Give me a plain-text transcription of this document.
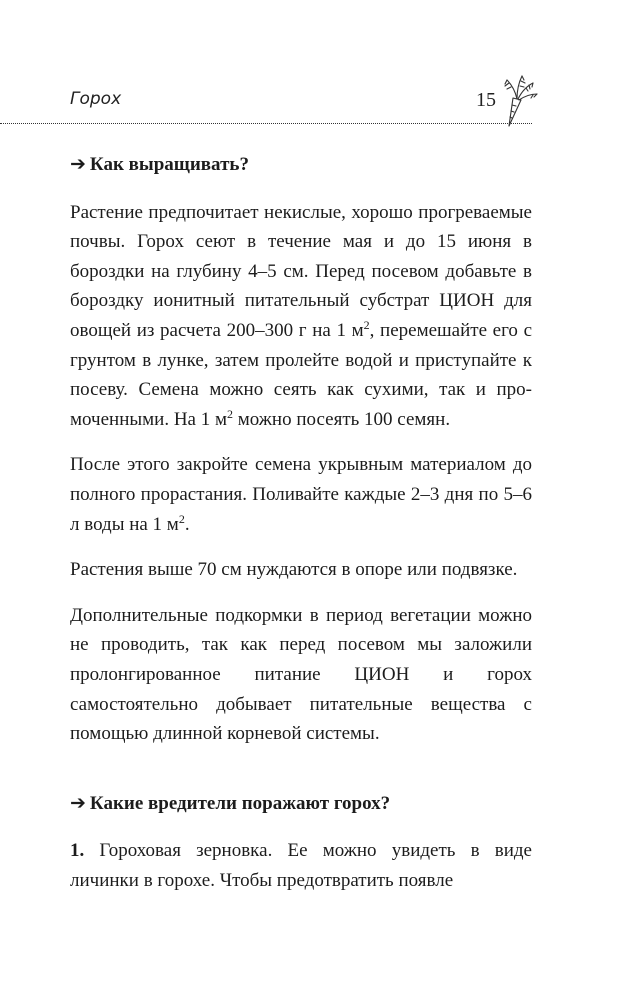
Горох	15
➔ Как выращивать?

Растение предпочитает некислые, хорошо прогреваемые почвы. Горох сеют в течение мая и до 15 июня в бороздки на глубину 4–5 см. Перед посевом добавьте в бороздку ионитный питательный субстрат ЦИОН для овощей из расчета 200–300 г на 1 $м^2$, перемешайте его с грунтом в лунке, затем пролейте водой и приступайте к посеву. Семена можно сеять как сухими, так и промоченными. На 1 $м^2$ можно посеять 100 семян.

После этого закройте семена укрывным материалом до полного прорастания. Поливайте каждые 2–3 дня по 5–6 л воды на 1 $м^2$.

Растения выше 70 см нуждаются в опоре или подвязке.

Дополнительные подкормки в период вегетации можно не проводить, так как перед посевом мы заложили пролонгированное питание ЦИОН и горох самостоятельно добывает питательные вещества с помощью длинной корневой системы.

➔ Какие вредители поражают горох?

1. Гороховая зерновка. Ее можно увидеть в виде личинки в горохе. Чтобы предотвратить появле
